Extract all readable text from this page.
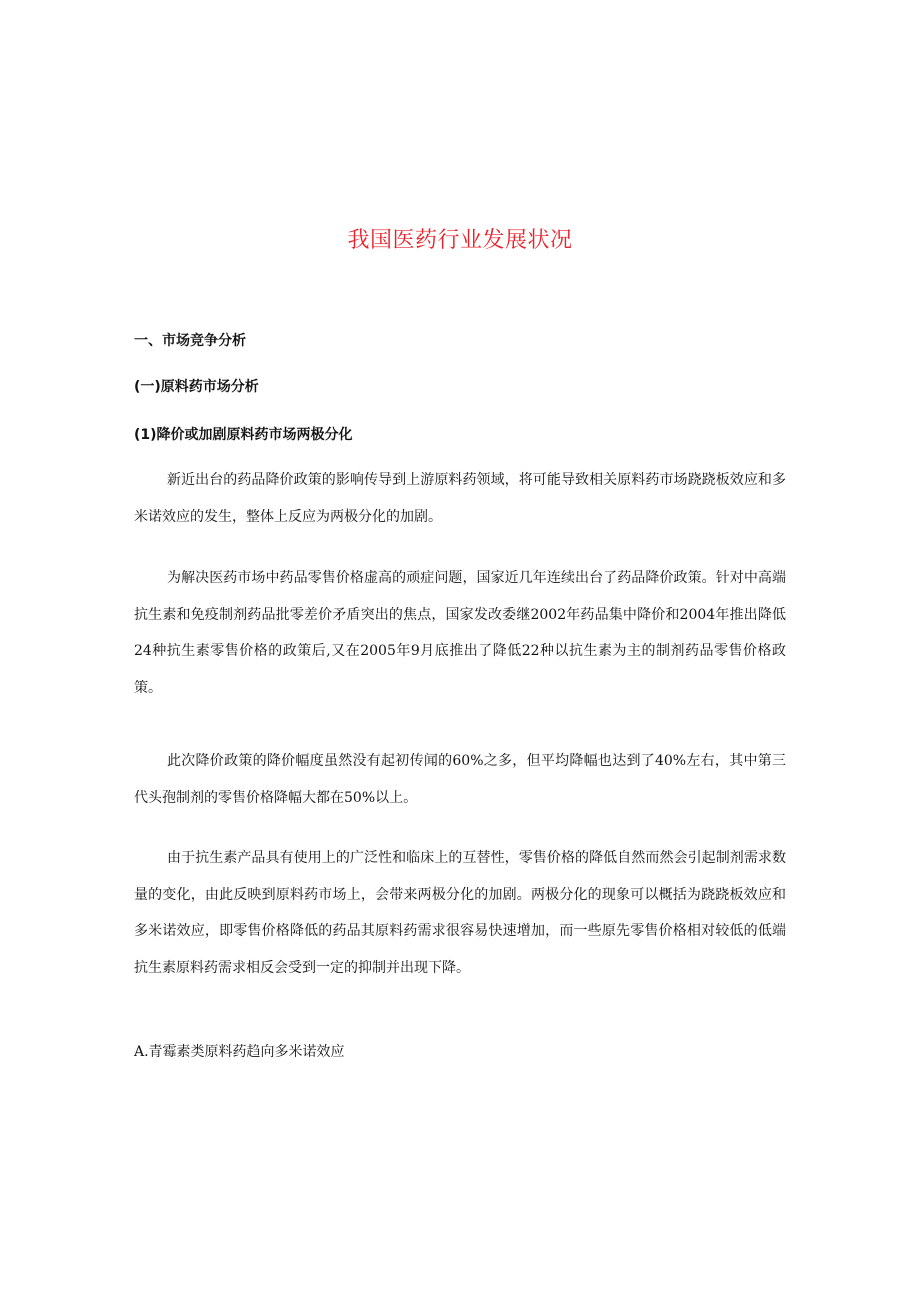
我国医药行业发展状况
一、市场竞争分析
(一)原料药市场分析
(1)降价或加剧原料药市场两极分化

新近出台的药品降价政策的影响传导到上游原料药领域，将可能导致相关原料药市场跷跷板效应和多米诺效应的发生，整体上反应为两极分化的加剧。

为解决医药市场中药品零售价格虚高的顽症问题，国家近几年连续出台了药品降价政策。针对中高端抗生素和免疫制剂药品批零差价矛盾突出的焦点，国家发改委继2002年药品集中降价和2004年推出降低24种抗生素零售价格的政策后,又在2005年9月底推出了降低22种以抗生素为主的制剂药品零售价格政策。

此次降价政策的降价幅度虽然没有起初传闻的60%之多，但平均降幅也达到了40%左右，其中第三代头孢制剂的零售价格降幅大都在50%以上。

由于抗生素产品具有使用上的广泛性和临床上的互替性，零售价格的降低自然而然会引起制剂需求数量的变化，由此反映到原料药市场上，会带来两极分化的加剧。两极分化的现象可以概括为跷跷板效应和多米诺效应，即零售价格降低的药品其原料药需求很容易快速增加，而一些原先零售价格相对较低的低端抗生素原料药需求相反会受到一定的抑制并出现下降。

A.青霉素类原料药趋向多米诺效应
